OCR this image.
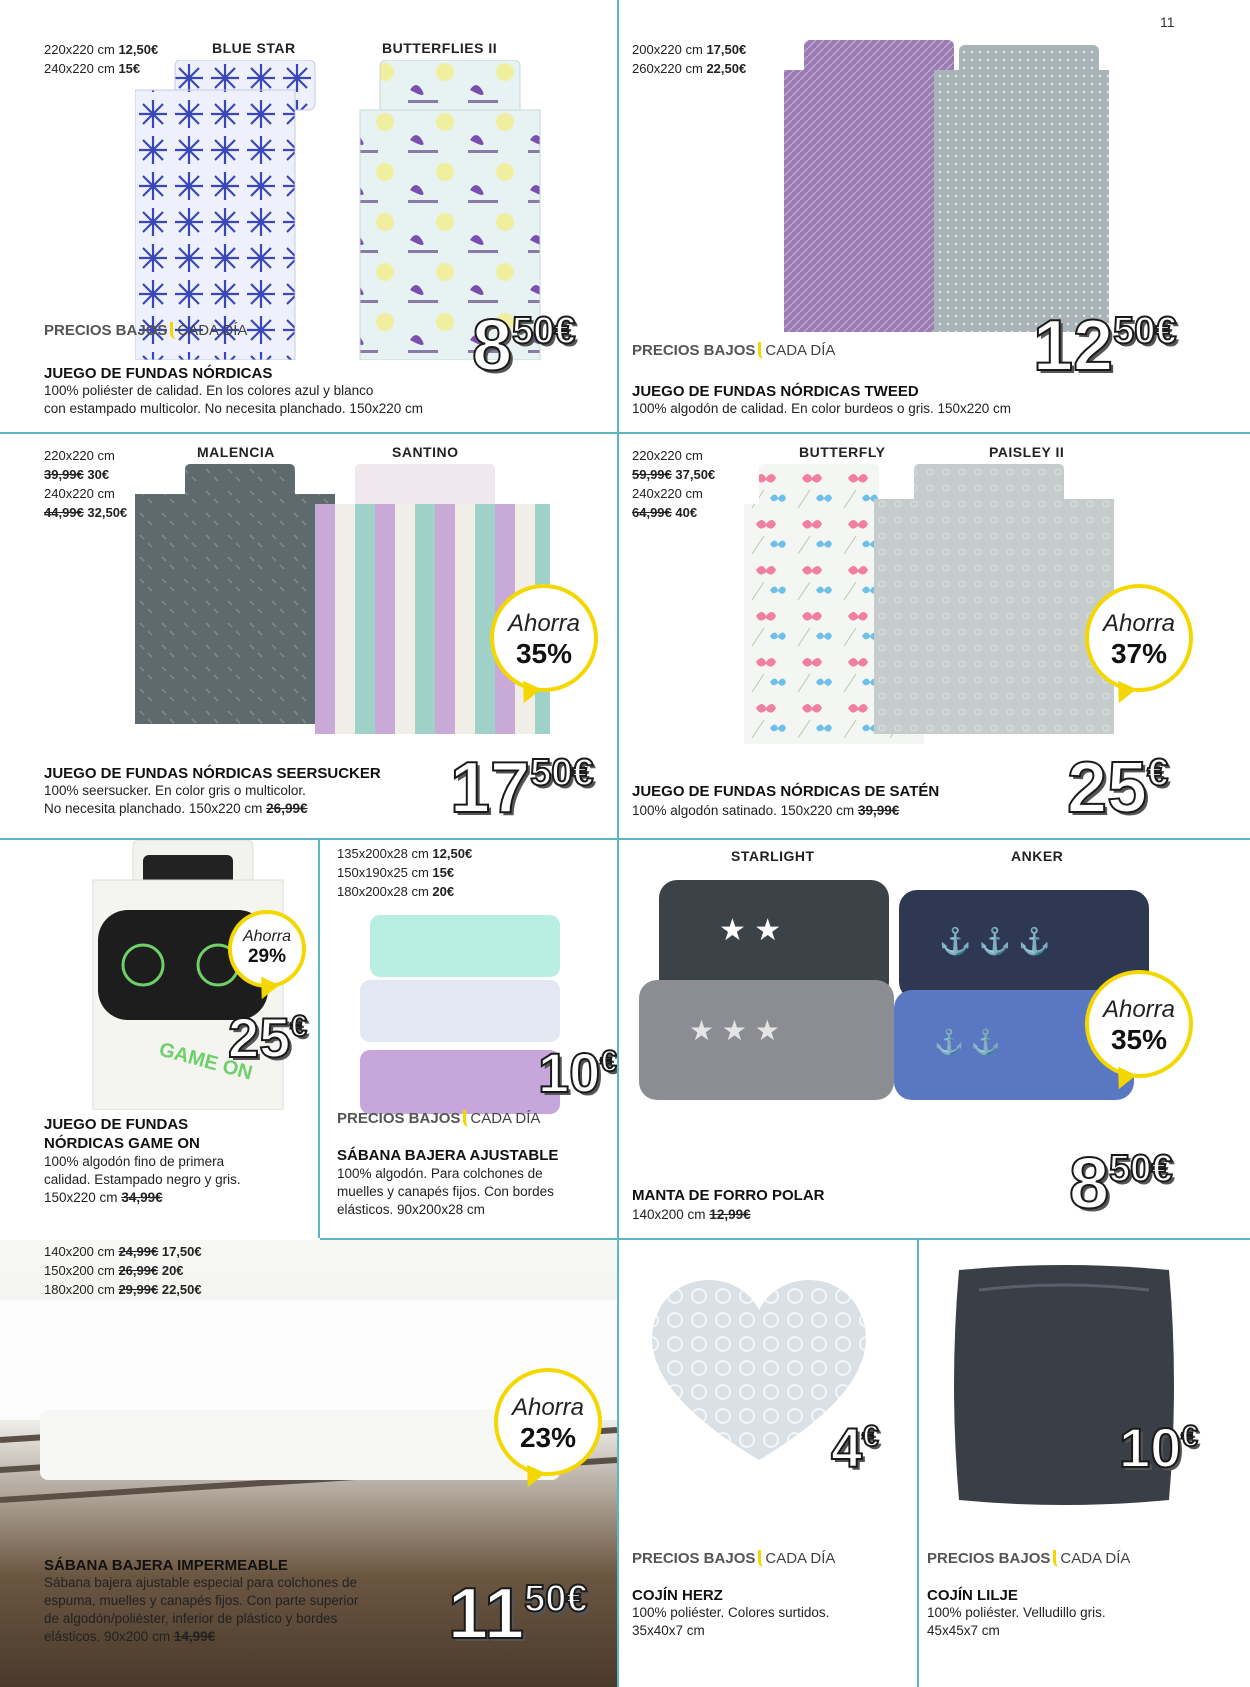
11
220x220 cm 12,50€
240x220 cm 15€
BLUE STAR	BUTTERFLIES II
PRECIOS BAJOS CADA DÍA	850€
JUEGO DE FUNDAS NÓRDICAS
100% poliéster de calidad. En los colores azul y blanco
con estampado multicolor. No necesita planchado. 150x220 cm
200x220 cm 17,50€
260x220 cm 22,50€
PRECIOS BAJOS CADA DÍA	1250€
JUEGO DE FUNDAS NÓRDICAS TWEED
100% algodón de calidad. En color burdeos o gris. 150x220 cm
220x220 cm
39,99€ 30€
240x220 cm
44,99€ 32,50€
MALENCIA	SANTINO
Ahorra
35%
JUEGO DE FUNDAS NÓRDICAS SEERSUCKER
100% seersucker. En color gris o multicolor.
No necesita planchado. 150x220 cm 26,99€ 1750€
220x220 cm
59,99€ 37,50€
240x220 cm
64,99€ 40€
BUTTERFLY	PAISLEY II
Ahorra
37%
JUEGO DE FUNDAS NÓRDICAS DE SATÉN
100% algodón satinado. 150x220 cm 39,99€ 25€
GAME ON
Ahorra
29%
25€
JUEGO DE FUNDAS
NÓRDICAS GAME ON
100% algodón fino de primera
calidad. Estampado negro y gris.
150x220 cm 34,99€
135x200x28 cm 12,50€
150x190x25 cm 15€
180x200x28 cm 20€
10€
PRECIOS BAJOS CADA DÍA
SÁBANA BAJERA AJUSTABLE
100% algodón. Para colchones de
muelles y canapés fijos. Con bordes
elásticos. 90x200x28 cm
STARLIGHT	ANKER
★ ★
★ ★ ★
⚓ ⚓ ⚓
⚓ ⚓
Ahorra
35%
MANTA DE FORRO POLAR
140x200 cm 12,99€	850€
140x200 cm 24,99€ 17,50€
150x200 cm 26,99€ 20€
180x200 cm 29,99€ 22,50€
Ahorra
23%
SÁBANA BAJERA IMPERMEABLE
Sábana bajera ajustable especial para colchones de
espuma, muelles y canapés fijos. Con parte superior
de algodón/poliéster, inferior de plástico y bordes
elásticos. 90x200 cm 14,99€	1150€
4€
PRECIOS BAJOS CADA DÍA
COJÍN HERZ
100% poliéster. Colores surtidos.
35x40x7 cm
10€
PRECIOS BAJOS CADA DÍA
COJÍN LILJE
100% poliéster. Velludillo gris.
45x45x7 cm
